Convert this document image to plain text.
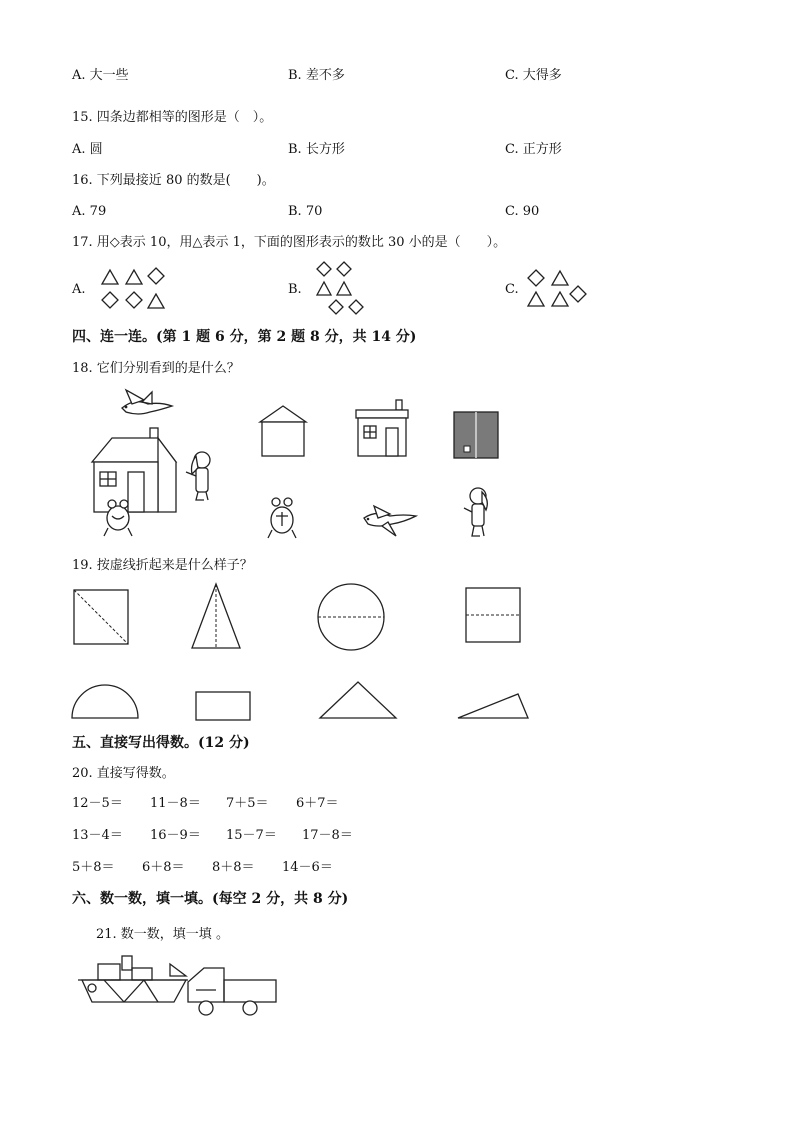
A. 大一些	B. 差不多	C. 大得多
15. 四条边都相等的图形是（　）。
A. 圆	B. 长方形	C. 正方形
16. 下列最接近 80 的数是(　　)。
A. 79	B. 70	C. 90
17. 用◇表示 10，用△表示 1，下面的图形表示的数比 30 小的是（　　）。
A.	B.	C.
四、连一连。(第 1 题 6 分，第 2 题 8 分，共 14 分)
18. 它们分别看到的是什么？
19. 按虚线折起来是什么样子？
五、直接写出得数。(12 分)
20. 直接写得数。
12－5＝ 11－8＝ 7＋5＝ 6＋7＝
13－4＝ 16－9＝ 15－7＝ 17－8＝
5＋8＝ 6＋8＝ 8＋8＝ 14－6＝
六、数一数，填一填。(每空 2 分，共 8 分)
21. 数一数，填一填 。
